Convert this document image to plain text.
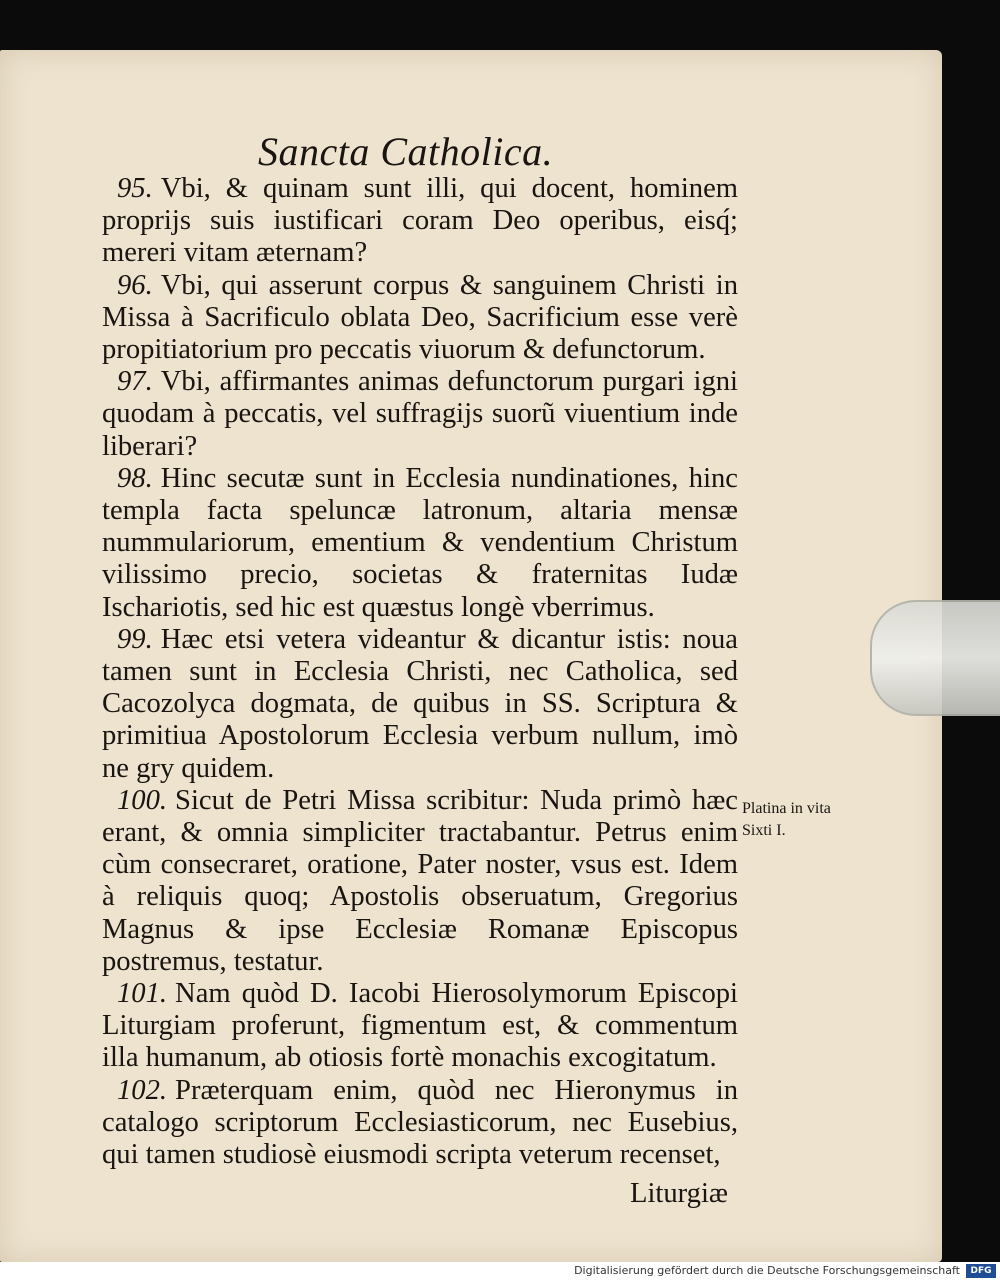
Sancta Catholica.

95. Vbi, & quinam sunt illi, qui docent, hominem proprijs suis iustificari coram Deo operibus, eisq́; mereri vitam æternam?

96. Vbi, qui asserunt corpus & sanguinem Christi in Missa à Sacrificulo oblata Deo, Sacrificium esse verè propitiatorium pro peccatis viuorum & defunctorum.

97. Vbi, affirmantes animas defunctorum purgari igni quodam à peccatis, vel suffragijs suorũ viuentium inde liberari?

98. Hinc secutæ sunt in Ecclesia nundinationes, hinc templa facta speluncæ latronum, altaria mensæ nummulariorum, ementium & vendentium Christum vilissimo precio, societas & fraternitas Iudæ Ischariotis, sed hic est quæstus longè vberrimus.

99. Hæc etsi vetera videantur & dicantur istis: noua tamen sunt in Ecclesia Christi, nec Catholica, sed Cacozolyca dogmata, de quibus in SS. Scriptura & primitiua Apostolorum Ecclesia verbum nullum, imò ne gry quidem.

100. Sicut de Petri Missa scribitur: Nuda primò hæc erant, & omnia simpliciter tractabantur. Petrus enim cùm consecraret, oratione, Pater noster, vsus est. Idem à reliquis quoq; Apostolis obseruatum, Gregorius Magnus & ipse Ecclesiæ Romanæ Episcopus postremus, testatur.

101. Nam quòd D. Iacobi Hierosolymorum Episcopi Liturgiam proferunt, figmentum est, & commentum illa humanum, ab otiosis fortè monachis excogitatum.

102. Præterquam enim, quòd nec Hieronymus in catalogo scriptorum Ecclesiasticorum, nec Eusebius, qui tamen studiosè eiusmodi scripta veterum recenset,

Liturgiæ
Platina in vita Sixti I.
Digitalisierung gefördert durch die Deutsche Forschungsgemeinschaft	DFG
